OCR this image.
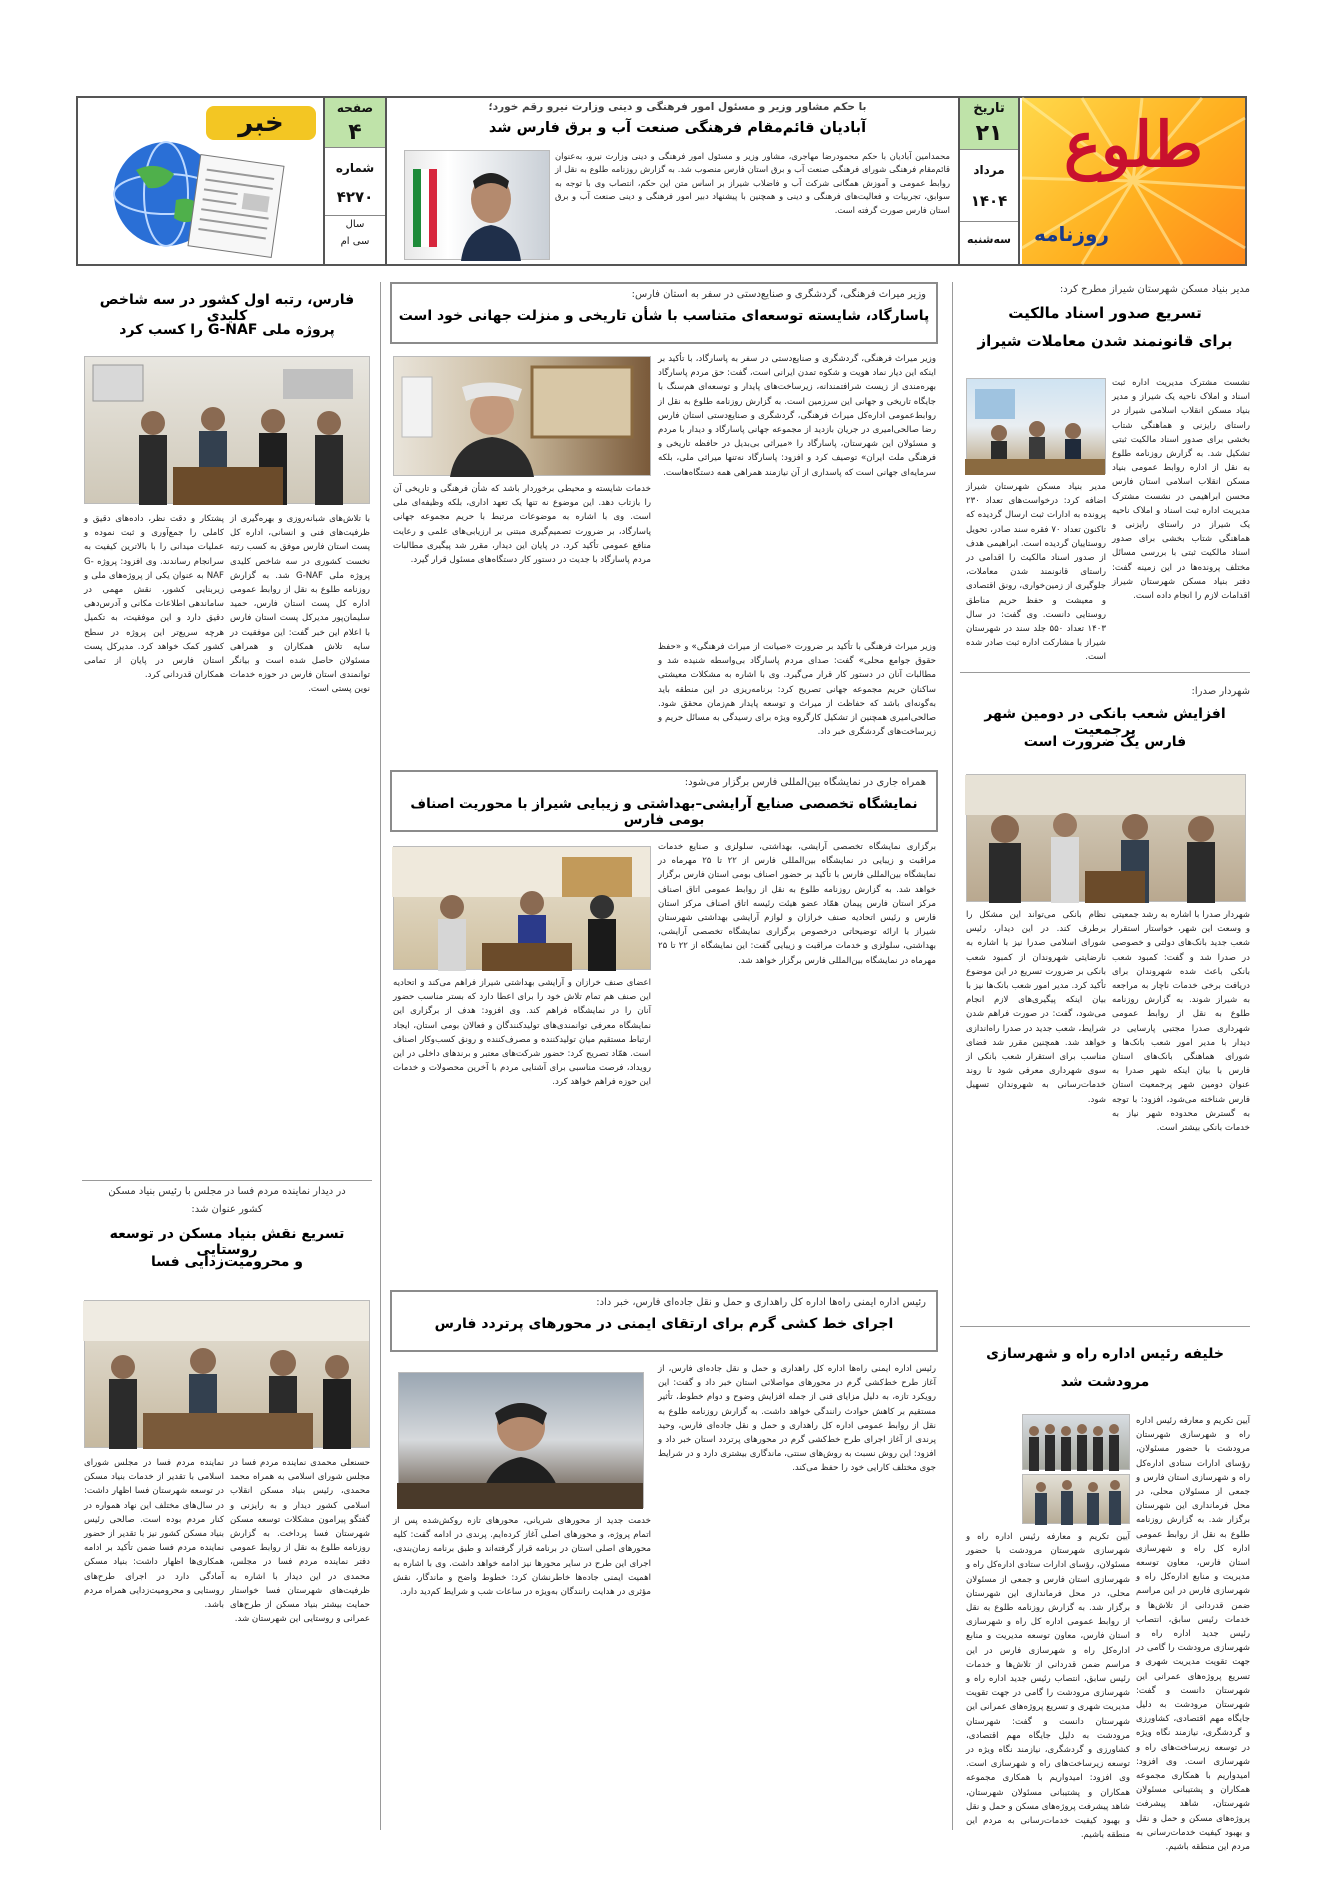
طلوع
روزنامه
تاریخ
۲۱
مرداد
۱۴۰۴
سه‌شنبه
با حکم مشاور وزیر و مسئول امور فرهنگی و دینی وزارت نیرو رقم خورد؛
آبادیان قائم‌مقام فرهنگی صنعت آب و برق فارس شد
محمدامین آبادیان با حکم محمودرضا مهاجری، مشاور وزیر و مسئول امور فرهنگی و دینی وزارت نیرو، به‌عنوان قائم‌مقام فرهنگی شورای فرهنگی صنعت آب و برق استان فارس منصوب شد. به گزارش روزنامه طلوع به نقل از روابط عمومی و آموزش همگانی شرکت آب و فاضلاب شیراز بر اساس متن این حکم، انتصاب وی با توجه به سوابق، تجربیات و فعالیت‌های فرهنگی و دینی و همچنین با پیشنهاد دبیر امور فرهنگی و دینی صنعت آب و برق استان فارس صورت گرفته است.
صفحه
۴
شماره
۴۲۷۰
سال
سی ام
خبر
مدیر بنیاد مسکن شهرستان شیراز مطرح کرد:
تسریع صدور اسناد مالکیت
برای قانونمند شدن معاملات شیراز
نشست مشترک مدیریت اداره ثبت اسناد و املاک ناحیه یک شیراز و مدیر بنیاد مسکن انقلاب اسلامی شیراز در راستای رایزنی و هماهنگی شتاب بخشی برای صدور اسناد مالکیت ثبتی تشکیل شد. به گزارش روزنامه طلوع به نقل از اداره روابط عمومی بنیاد مسکن انقلاب اسلامی استان فارس محسن ابراهیمی در نشست مشترک مدیریت اداره ثبت اسناد و املاک ناحیه یک شیراز در راستای رایزنی و هماهنگی شتاب بخشی برای صدور اسناد مالکیت ثبتی با بررسی مسائل مختلف پرونده‌ها در این زمینه گفت: دفتر بنیاد مسکن شهرستان شیراز اقدامات لازم را انجام داده است.
مدیر بنیاد مسکن شهرستان شیراز اضافه کرد: درخواست‌های تعداد ۲۳۰ پرونده به ادارات ثبت ارسال گردیده که تاکنون تعداد ۷۰ فقره سند صادر، تحویل روستاییان گردیده است. ابراهیمی هدف از صدور اسناد مالکیت را اقدامی در راستای قانونمند شدن معاملات، جلوگیری از زمین‌خواری، رونق اقتصادی و معیشت و حفظ حریم مناطق روستایی دانست. وی گفت: در سال ۱۴۰۳ تعداد ۵۵۰ جلد سند در شهرستان شیراز با مشارکت اداره ثبت صادر شده است.
شهردار صدرا:
افزایش شعب بانکی در دومین شهر پرجمعیت
فارس یک ضرورت است
شهردار صدرا با اشاره به رشد جمعیتی و وسعت این شهر، خواستار استقرار شعب جدید بانک‌های دولتی و خصوصی در صدرا شد و گفت: کمبود شعب بانکی باعث شده شهروندان برای دریافت برخی خدمات ناچار به مراجعه به شیراز شوند. به گزارش روزنامه طلوع به نقل از روابط عمومی شهرداری صدرا مجتبی پارسایی در دیدار با مدیر امور شعب بانک‌ها و شورای هماهنگی بانک‌های استان فارس با بیان اینکه شهر صدرا به عنوان دومین شهر پرجمعیت استان فارس شناخته می‌شود، افزود: با توجه به گسترش محدوده شهر نیاز به خدمات بانکی بیشتر است.
نظام بانکی می‌تواند این مشکل را برطرف کند. در این دیدار، رئیس شورای اسلامی صدرا نیز با اشاره به نارضایتی شهروندان از کمبود شعب بانکی بر ضرورت تسریع در این موضوع تأکید کرد. مدیر امور شعب بانک‌ها نیز با بیان اینکه پیگیری‌های لازم انجام می‌شود، گفت: در صورت فراهم شدن شرایط، شعب جدید در صدرا راه‌اندازی خواهد شد. همچنین مقرر شد فضای مناسب برای استقرار شعب بانکی از سوی شهرداری معرفی شود تا روند خدمات‌رسانی به شهروندان تسهیل شود.
خلیفه رئیس اداره راه و شهرسازی
مرودشت شد
آیین تکریم و معارفه رئیس اداره راه و شهرسازی شهرستان مرودشت با حضور مسئولان، رؤسای ادارات ستادی اداره‌کل راه و شهرسازی استان فارس و جمعی از مسئولان محلی، در محل فرمانداری این شهرستان برگزار شد. به گزارش روزنامه طلوع به نقل از روابط عمومی اداره کل راه و شهرسازی استان فارس، معاون توسعه مدیریت و منابع اداره‌کل راه و شهرسازی فارس در این مراسم ضمن قدردانی از تلاش‌ها و خدمات رئیس سابق، انتصاب رئیس جدید اداره راه و شهرسازی مرودشت را گامی در جهت تقویت مدیریت شهری و تسریع پروژه‌های عمرانی این شهرستان دانست و گفت: شهرستان مرودشت به دلیل جایگاه مهم اقتصادی، کشاورزی و گردشگری، نیازمند نگاه ویژه در توسعه زیرساخت‌های راه و شهرسازی است. وی افزود: امیدواریم با همکاری مجموعه همکاران و پشتیبانی مسئولان شهرستان، شاهد پیشرفت پروژه‌های مسکن و حمل و نقل و بهبود کیفیت خدمات‌رسانی به مردم این منطقه باشیم.
آیین تکریم و معارفه رئیس اداره راه و شهرسازی شهرستان مرودشت با حضور مسئولان، رؤسای ادارات ستادی اداره‌کل راه و شهرسازی استان فارس و جمعی از مسئولان محلی، در محل فرمانداری این شهرستان برگزار شد. به گزارش روزنامه طلوع به نقل از روابط عمومی اداره کل راه و شهرسازی استان فارس، معاون توسعه مدیریت و منابع اداره‌کل راه و شهرسازی فارس در این مراسم ضمن قدردانی از تلاش‌ها و خدمات رئیس سابق، انتصاب رئیس جدید اداره راه و شهرسازی مرودشت را گامی در جهت تقویت مدیریت شهری و تسریع پروژه‌های عمرانی این شهرستان دانست و گفت: شهرستان مرودشت به دلیل جایگاه مهم اقتصادی، کشاورزی و گردشگری، نیازمند نگاه ویژه در توسعه زیرساخت‌های راه و شهرسازی است. وی افزود: امیدواریم با همکاری مجموعه همکاران و پشتیبانی مسئولان شهرستان، شاهد پیشرفت پروژه‌های مسکن و حمل و نقل و بهبود کیفیت خدمات‌رسانی به مردم این منطقه باشیم.
وزیر میراث فرهنگی، گردشگری و صنایع‌دستی در سفر به استان فارس:
پاسارگاد، شایسته توسعه‌ای متناسب با شأن تاریخی و منزلت جهانی خود است
وزیر میراث فرهنگی، گردشگری و صنایع‌دستی در سفر به پاسارگاد، با تأکید بر اینکه این دیار نماد هویت و شکوه تمدن ایرانی است، گفت: حق مردم پاسارگاد بهره‌مندی از زیست شرافتمندانه، زیرساخت‌های پایدار و توسعه‌ای هم‌سنگ با جایگاه تاریخی و جهانی این سرزمین است. به گزارش روزنامه طلوع به نقل از روابط‌عمومی اداره‌کل میراث فرهنگی، گردشگری و صنایع‌دستی استان فارس رضا صالحی‌امیری در جریان بازدید از مجموعه جهانی پاسارگاد و دیدار با مردم و مسئولان این شهرستان، پاسارگاد را «میراثی بی‌بدیل در حافظه تاریخی و فرهنگی ملت ایران» توصیف کرد و افزود: پاسارگاد نه‌تنها میراثی ملی، بلکه سرمایه‌ای جهانی است که پاسداری از آن نیازمند همراهی همه دستگاه‌هاست.
خدمات شایسته و محیطی برخوردار باشد که شأن فرهنگی و تاریخی آن را بازتاب دهد. این موضوع نه تنها یک تعهد اداری، بلکه وظیفه‌ای ملی است. وی با اشاره به موضوعات مرتبط با حریم مجموعه جهانی پاسارگاد، بر ضرورت تصمیم‌گیری مبتنی بر ارزیابی‌های علمی و رعایت منافع عمومی تأکید کرد. در پایان این دیدار، مقرر شد پیگیری مطالبات مردم پاسارگاد با جدیت در دستور کار دستگاه‌های مسئول قرار گیرد.
وزیر میراث فرهنگی با تأکید بر ضرورت «صیانت از میراث فرهنگی» و «حفظ حقوق جوامع محلی» گفت: صدای مردم پاسارگاد بی‌واسطه شنیده شد و مطالبات آنان در دستور کار قرار می‌گیرد. وی با اشاره به مشکلات معیشتی ساکنان حریم مجموعه جهانی تصریح کرد: برنامه‌ریزی در این منطقه باید به‌گونه‌ای باشد که حفاظت از میراث و توسعه پایدار هم‌زمان محقق شود. صالحی‌امیری همچنین از تشکیل کارگروه ویژه برای رسیدگی به مسائل حریم و زیرساخت‌های گردشگری خبر داد.
همراه جاری در نمایشگاه بین‌المللی فارس برگزار می‌شود:
نمایشگاه تخصصی صنایع آرایشی–بهداشتی و زیبایی شیراز با محوریت اصناف بومی فارس
برگزاری نمایشگاه تخصصی آرایشی، بهداشتی، سلولزی و صنایع خدمات مراقبت و زیبایی در نمایشگاه بین‌المللی فارس از ۲۲ تا ۲۵ مهرماه در نمایشگاه بین‌المللی فارس با تأکید بر حضور اصناف بومی استان فارس برگزار خواهد شد. به گزارش روزنامه طلوع به نقل از روابط عمومی اتاق اصناف مرکز استان فارس پیمان همّاد عضو هیئت رئیسه اتاق اصناف مرکز استان فارس و رئیس اتحادیه صنف خرازان و لوازم آرایشی بهداشتی شهرستان شیراز با ارائه توضیحاتی درخصوص برگزاری نمایشگاه تخصصی آرایشی، بهداشتی، سلولزی و خدمات مراقبت و زیبایی گفت: این نمایشگاه از ۲۲ تا ۲۵ مهرماه در نمایشگاه بین‌المللی فارس برگزار خواهد شد.
اعضای صنف خرازان و آرایشی بهداشتی شیراز فراهم می‌کند و اتحادیه این صنف هم تمام تلاش خود را برای اعطا دارد که بستر مناسب حضور آنان را در نمایشگاه فراهم کند. وی افزود: هدف از برگزاری این نمایشگاه معرفی توانمندی‌های تولیدکنندگان و فعالان بومی استان، ایجاد ارتباط مستقیم میان تولیدکننده و مصرف‌کننده و رونق کسب‌وکار اصناف است. همّاد تصریح کرد: حضور شرکت‌های معتبر و برندهای داخلی در این رویداد، فرصت مناسبی برای آشنایی مردم با آخرین محصولات و خدمات این حوزه فراهم خواهد کرد.
رئیس اداره ایمنی راه‌ها اداره کل راهداری و حمل و نقل جاده‌ای فارس، خبر داد:
اجرای خط کشی گرم برای ارتقای ایمنی در محورهای پرتردد فارس
رئیس اداره ایمنی راه‌ها اداره کل راهداری و حمل و نقل جاده‌ای فارس، از آغاز طرح خط‌کشی گرم در محورهای مواصلاتی استان خبر داد و گفت: این رویکرد تازه، به دلیل مزایای فنی از جمله افزایش وضوح و دوام خطوط، تأثیر مستقیم بر کاهش حوادث رانندگی خواهد داشت. به گزارش روزنامه طلوع به نقل از روابط عمومی اداره کل راهداری و حمل و نقل جاده‌ای فارس، وحید پرندی از آغاز اجرای طرح خط‌کشی گرم در محورهای پرتردد استان خبر داد و افزود: این روش نسبت به روش‌های سنتی، ماندگاری بیشتری دارد و در شرایط جوی مختلف کارایی خود را حفظ می‌کند.
خدمت جدید از محورهای شریانی، محورهای تازه روکش‌شده پس از اتمام پروژه، و محورهای اصلی آغاز کرده‌ایم. پرندی در ادامه گفت: کلیه محورهای اصلی استان در برنامه قرار گرفته‌اند و طبق برنامه زمان‌بندی، اجرای این طرح در سایر محورها نیز ادامه خواهد داشت. وی با اشاره به اهمیت ایمنی جاده‌ها خاطرنشان کرد: خطوط واضح و ماندگار، نقش مؤثری در هدایت رانندگان به‌ویژه در ساعات شب و شرایط کم‌دید دارد.
فارس، رتبه اول کشور در سه شاخص کلیدی
پروژه ملی G-NAF را کسب کرد
با تلاش‌های شبانه‌روزی و بهره‌گیری از ظرفیت‌های فنی و انسانی، اداره کل پست استان فارس موفق به کسب رتبه نخست کشوری در سه شاخص کلیدی پروژه ملی G-NAF شد. به گزارش روزنامه طلوع به نقل از روابط عمومی اداره کل پست استان فارس، حمید سلیمان‌پور مدیرکل پست استان فارس با اعلام این خبر گفت: این موفقیت در سایه تلاش همکاران و همراهی مسئولان حاصل شده است و بیانگر توانمندی استان فارس در حوزه خدمات نوین پستی است.
پشتکار و دقت نظر، داده‌های دقیق و کاملی را جمع‌آوری و ثبت نموده و عملیات میدانی را با بالاترین کیفیت به سرانجام رساندند. وی افزود: پروژه G-NAF به عنوان یکی از پروژه‌های ملی و زیربنایی کشور، نقش مهمی در ساماندهی اطلاعات مکانی و آدرس‌دهی دقیق دارد و این موفقیت، به تکمیل هرچه سریع‌تر این پروژه در سطح کشور کمک خواهد کرد. مدیرکل پست استان فارس در پایان از تمامی همکاران قدردانی کرد.
در دیدار نماینده مردم فسا در مجلس با رئیس بنیاد مسکن
کشور عنوان شد:
تسریع نقش بنیاد مسکن در توسعه روستایی
و محرومیت‌زدایی فسا
حسنعلی محمدی نماینده مردم فسا در مجلس شورای اسلامی به همراه محمد محمدی، رئیس بنیاد مسکن انقلاب اسلامی کشور دیدار و به رایزنی و گفتگو پیرامون مشکلات توسعه مسکن شهرستان فسا پرداخت. به گزارش روزنامه طلوع به نقل از روابط عمومی دفتر نماینده مردم فسا در مجلس، محمدی در این دیدار با اشاره به ظرفیت‌های شهرستان فسا خواستار حمایت بیشتر بنیاد مسکن از طرح‌های عمرانی و روستایی این شهرستان شد.
نماینده مردم فسا در مجلس شورای اسلامی با تقدیر از خدمات بنیاد مسکن در توسعه شهرستان فسا اظهار داشت: در سال‌های مختلف این نهاد همواره در کنار مردم بوده است. صالحی رئیس بنیاد مسکن کشور نیز با تقدیر از حضور نماینده مردم فسا ضمن تأکید بر ادامه همکاری‌ها اظهار داشت: بنیاد مسکن آمادگی دارد در اجرای طرح‌های روستایی و محرومیت‌زدایی همراه مردم باشد.
